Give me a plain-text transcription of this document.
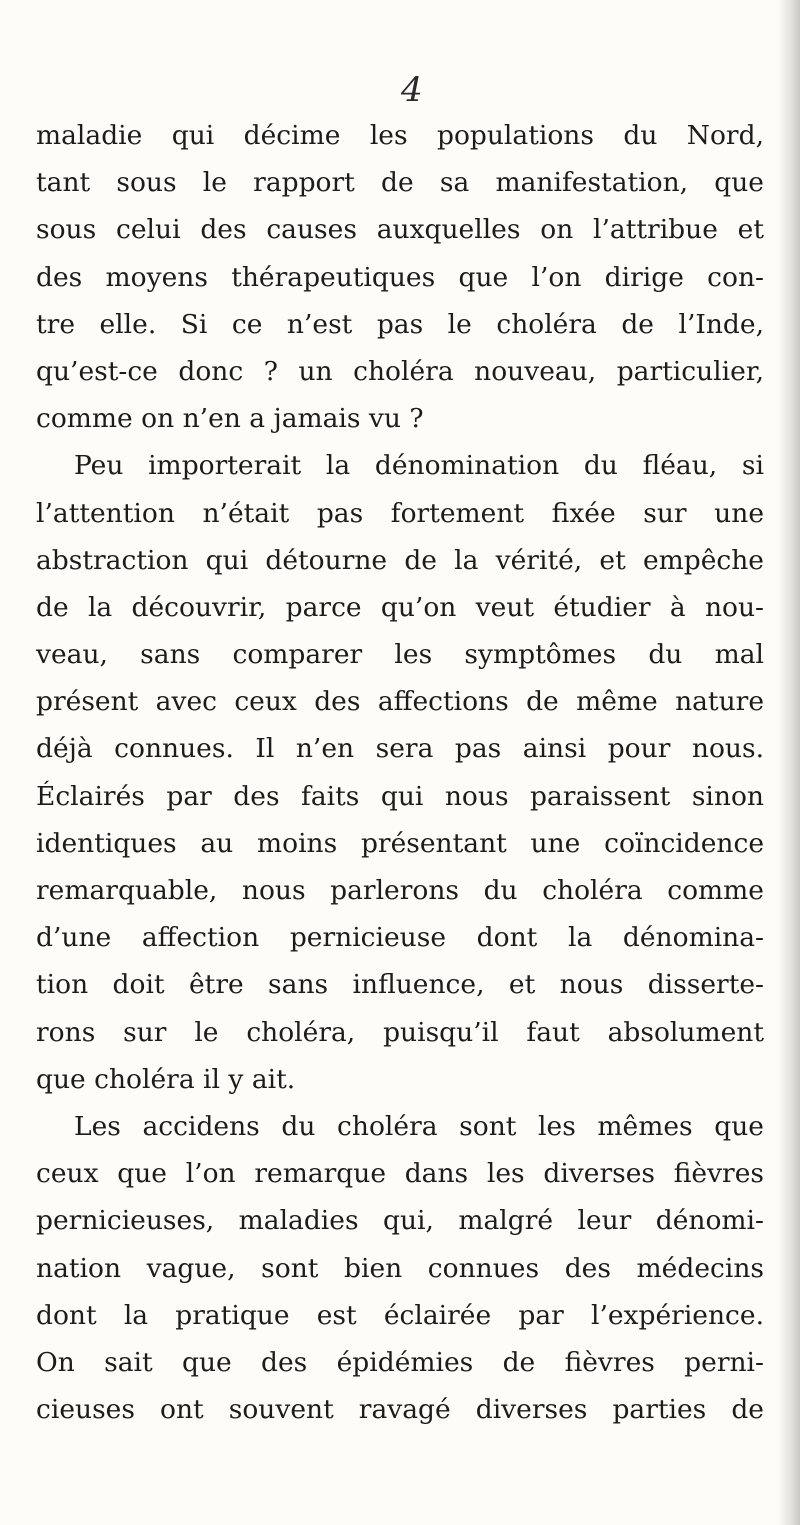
4
maladie qui décime les populations du Nord,
tant sous le rapport de sa manifestation, que
sous celui des causes auxquelles on l’attribue et
des moyens thérapeutiques que l’on dirige con-
tre elle. Si ce n’est pas le choléra de l’Inde,
qu’est-ce donc ? un choléra nouveau, particulier,
comme on n’en a jamais vu ?
Peu importerait la dénomination du fléau, si
l’attention n’était pas fortement fixée sur une
abstraction qui détourne de la vérité, et empêche
de la découvrir, parce qu’on veut étudier à nou-
veau, sans comparer les symptômes du mal
présent avec ceux des affections de même nature
déjà connues. Il n’en sera pas ainsi pour nous.
Éclairés par des faits qui nous paraissent sinon
identiques au moins présentant une coïncidence
remarquable, nous parlerons du choléra comme
d’une affection pernicieuse dont la dénomina-
tion doit être sans influence, et nous disserte-
rons sur le choléra, puisqu’il faut absolument
que choléra il y ait.
Les accidens du choléra sont les mêmes que
ceux que l’on remarque dans les diverses fièvres
pernicieuses, maladies qui, malgré leur dénomi-
nation vague, sont bien connues des médecins
dont la pratique est éclairée par l’expérience.
On sait que des épidémies de fièvres perni-
cieuses ont souvent ravagé diverses parties de
